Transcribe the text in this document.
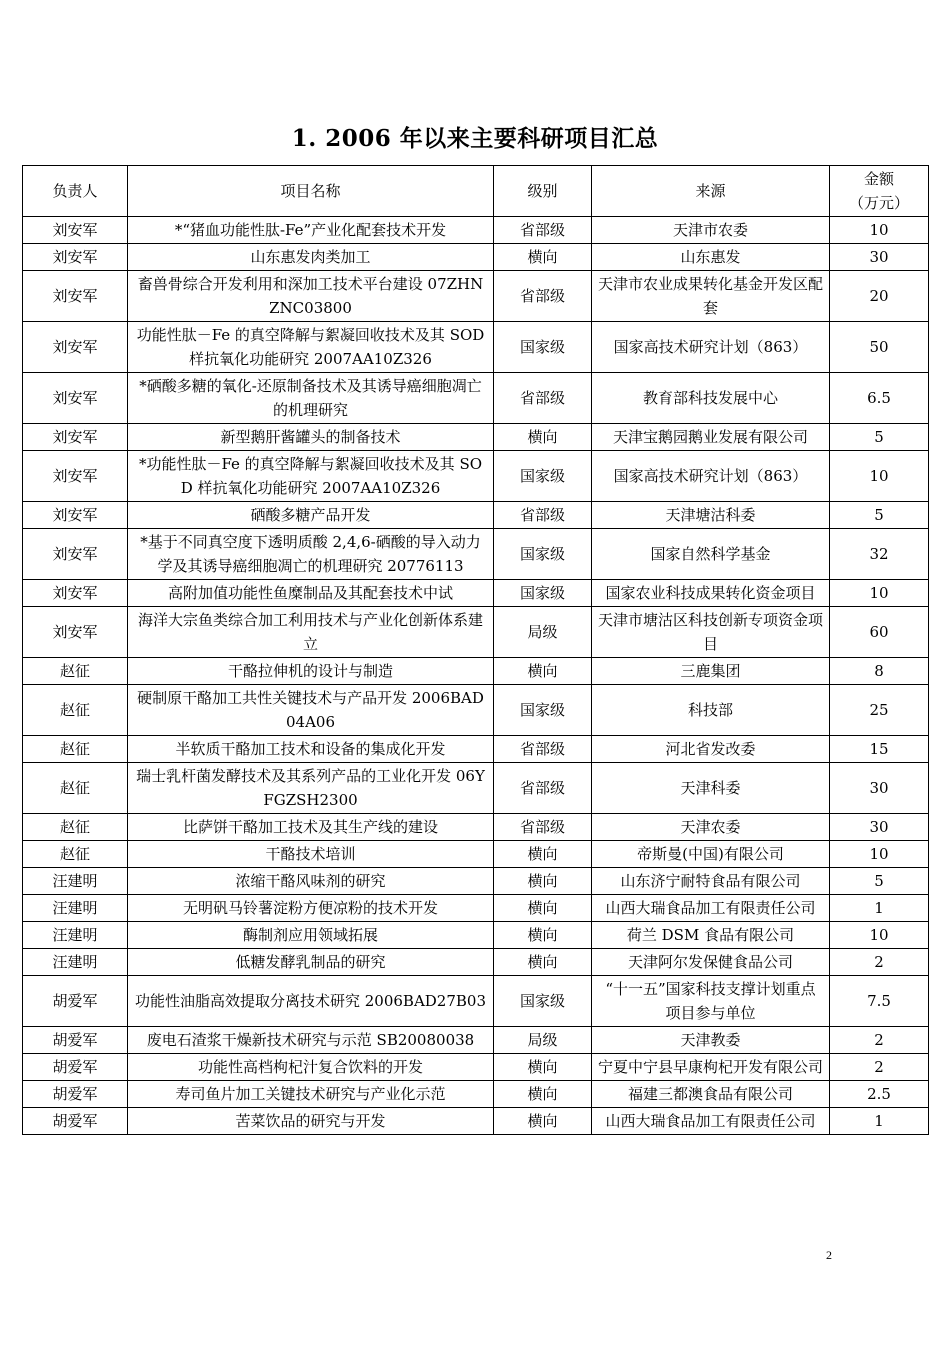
1. 2006 年以来主要科研项目汇总
负责人	项目名称	级别	来源	金额
（万元）
刘安军	*“猪血功能性肽-Fe”产业化配套技术开发	省部级	天津市农委	10
刘安军	山东惠发肉类加工	横向	山东惠发	30
刘安军	畜兽骨综合开发利用和深加工技术平台建设 07ZHNZNC03800	省部级	天津市农业成果转化基金开发区配套	20
刘安军	功能性肽－Fe 的真空降解与絮凝回收技术及其 SOD 样抗氧化功能研究 2007AA10Z326	国家级	国家高技术研究计划（863）	50
刘安军	*硒酸多糖的氧化-还原制备技术及其诱导癌细胞凋亡的机理研究	省部级	教育部科技发展中心	6.5
刘安军	新型鹅肝酱罐头的制备技术	横向	天津宝鹅园鹅业发展有限公司	5
刘安军	*功能性肽－Fe 的真空降解与絮凝回收技术及其 SOD 样抗氧化功能研究 2007AA10Z326	国家级	国家高技术研究计划（863）	10
刘安军	硒酸多糖产品开发	省部级	天津塘沽科委	5
刘安军	*基于不同真空度下透明质酸 2,4,6-硒酸的导入动力学及其诱导癌细胞凋亡的机理研究 20776113	国家级	国家自然科学基金	32
刘安军	高附加值功能性鱼糜制品及其配套技术中试	国家级	国家农业科技成果转化资金项目	10
刘安军	海洋大宗鱼类综合加工利用技术与产业化创新体系建立	局级	天津市塘沽区科技创新专项资金项目	60
赵征	干酪拉伸机的设计与制造	横向	三鹿集团	8
赵征	硬制原干酪加工共性关键技术与产品开发 2006BAD04A06	国家级	科技部	25
赵征	半软质干酪加工技术和设备的集成化开发	省部级	河北省发改委	15
赵征	瑞士乳杆菌发酵技术及其系列产品的工业化开发 06YFGZSH2300	省部级	天津科委	30
赵征	比萨饼干酪加工技术及其生产线的建设	省部级	天津农委	30
赵征	干酪技术培训	横向	帝斯曼(中国)有限公司	10
汪建明	浓缩干酪风味剂的研究	横向	山东济宁耐特食品有限公司	5
汪建明	无明矾马铃薯淀粉方便凉粉的技术开发	横向	山西大瑞食品加工有限责任公司	1
汪建明	酶制剂应用领域拓展	横向	荷兰 DSM 食品有限公司	10
汪建明	低糖发酵乳制品的研究	横向	天津阿尔发保健食品公司	2
胡爱军	功能性油脂高效提取分离技术研究 2006BAD27B03	国家级	“十一五”国家科技支撑计划重点项目参与单位	7.5
胡爱军	废电石渣浆干燥新技术研究与示范 SB20080038	局级	天津教委	2
胡爱军	功能性高档枸杞汁复合饮料的开发	横向	宁夏中宁县早康枸杞开发有限公司	2
胡爱军	寿司鱼片加工关键技术研究与产业化示范	横向	福建三都澳食品有限公司	2.5
胡爱军	苦菜饮品的研究与开发	横向	山西大瑞食品加工有限责任公司	1
2
